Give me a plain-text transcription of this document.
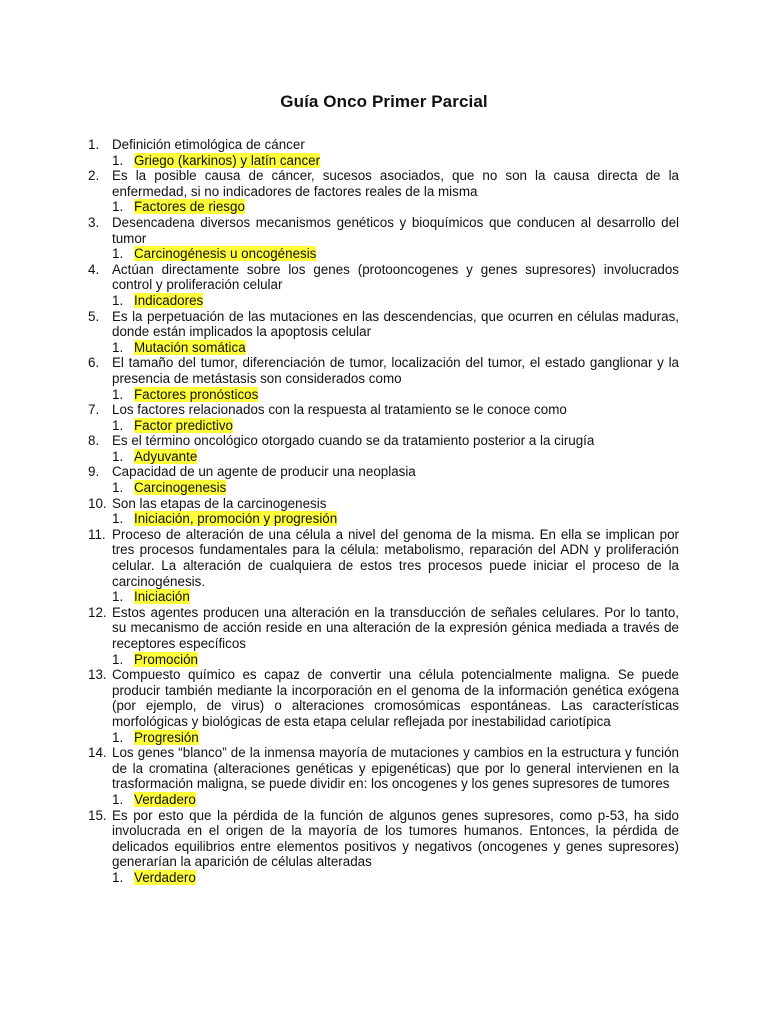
Guía Onco Primer Parcial
1. Definición etimológica de cáncer
1. Griego (karkinos) y latín cancer
2. Es la posible causa de cáncer, sucesos asociados, que no son la causa directa de la enfermedad, si no indicadores de factores reales de la misma
1. Factores de riesgo
3. Desencadena diversos mecanismos genéticos y bioquímicos que conducen al desarrollo del tumor
1. Carcinogénesis u oncogénesis
4. Actúan directamente sobre los genes (protooncogenes y genes supresores) involucrados control y proliferación celular
1. Indicadores
5. Es la perpetuación de las mutaciones en las descendencias, que ocurren en células maduras, donde están implicados la apoptosis celular
1. Mutación somática
6. El tamaño del tumor, diferenciación de tumor, localización del tumor, el estado ganglionar y la presencia de metástasis son considerados como
1. Factores pronósticos
7. Los factores relacionados con la respuesta al tratamiento se le conoce como
1. Factor predictivo
8. Es el término oncológico otorgado cuando se da tratamiento posterior a la cirugía
1. Adyuvante
9. Capacidad de un agente de producir una neoplasia
1. Carcinogenesis
10. Son las etapas de la carcinogenesis
1. Iniciación, promoción y progresión
11. Proceso de alteración de una célula a nivel del genoma de la misma. En ella se implican por tres procesos fundamentales para la célula: metabolismo, reparación del ADN y proliferación celular. La alteración de cualquiera de estos tres procesos puede iniciar el proceso de la carcinogénesis.
1. Iniciación
12. Estos agentes producen una alteración en la transducción de señales celulares. Por lo tanto, su mecanismo de acción reside en una alteración de la expresión génica mediada a través de receptores específicos
1. Promoción
13. Compuesto químico es capaz de convertir una célula potencialmente maligna. Se puede producir también mediante la incorporación en el genoma de la información genética exógena (por ejemplo, de virus) o alteraciones cromosómicas espontáneas. Las características morfológicas y biológicas de esta etapa celular reflejada por inestabilidad cariotípica
1. Progresión
14. Los genes “blanco” de la inmensa mayoría de mutaciones y cambios en la estructura y función de la cromatina (alteraciones genéticas y epigenéticas) que por lo general intervienen en la trasformación maligna, se puede dividir en: los oncogenes y los genes supresores de tumores
1. Verdadero
15. Es por esto que la pérdida de la función de algunos genes supresores, como p-53, ha sido involucrada en el origen de la mayoría de los tumores humanos. Entonces, la pérdida de delicados equilibrios entre elementos positivos y negativos (oncogenes y genes supresores) generarían la aparición de células alteradas
1. Verdadero
